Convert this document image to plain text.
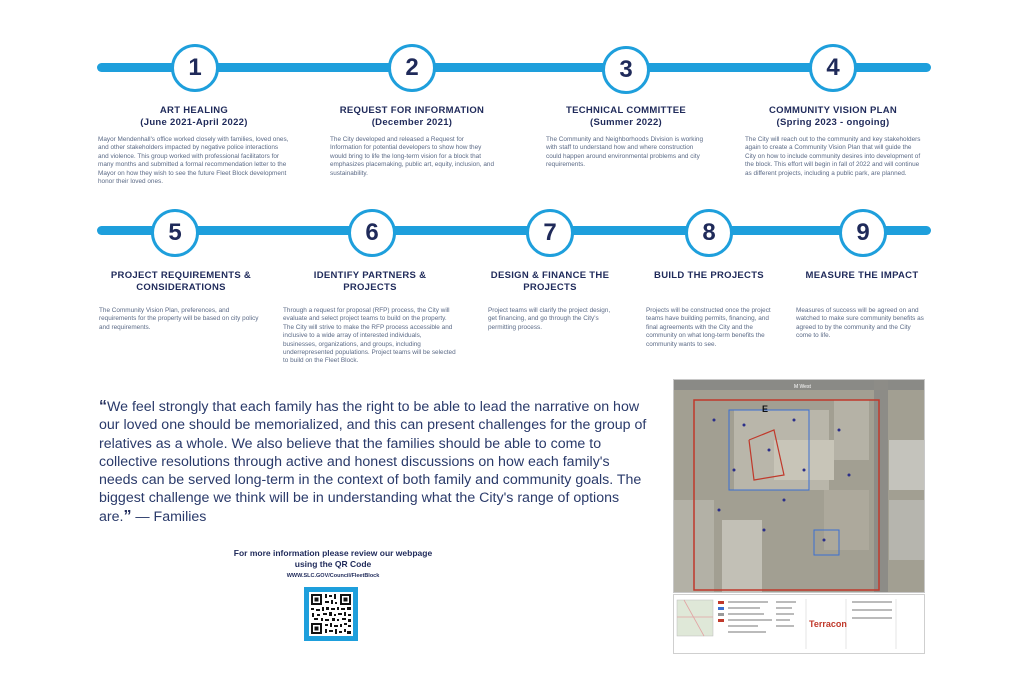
1	2	3	4
5	6	7	8	9
ART HEALING
(June 2021-April 2022)
Mayor Mendenhall's office worked closely with families, loved ones, and other stakeholders impacted by negative police interactions and violence. This group worked with professional facilitators for many months and submitted a formal recommendation letter to the Mayor on how they wish to see the future Fleet Block development honor their loved ones.
REQUEST FOR INFORMATION
(December 2021)
The City developed and released a Request for Information for potential developers to show how they would bring to life the long-term vision for a block that emphasizes placemaking, public art, equity, inclusion, and sustainability.
TECHNICAL COMMITTEE
(Summer 2022)
The Community and Neighborhoods Division is working with staff to understand how and where construction could happen around environmental problems and city requirements.
COMMUNITY VISION PLAN
(Spring 2023 - ongoing)
The City will reach out to the community and key stakeholders again to create a Community Vision Plan that will guide the City on how to include community desires into development of the block. This effort will begin in fall of 2022 and will continue as different projects, including a public park, are planned.
PROJECT REQUIREMENTS & CONSIDERATIONS
The Community Vision Plan, preferences, and requirements for the property will be based on city policy and requirements.
IDENTIFY PARTNERS & PROJECTS
Through a request for proposal (RFP) process, the City will evaluate and select project teams to build on the property. The City will strive to make the RFP process accessible and inclusive to a wide array of interested individuals, businesses, organizations, and groups, including underrepresented populations. Project teams will be selected to build on the Fleet Block.
DESIGN & FINANCE THE PROJECTS
Project teams will clarify the project design, get financing, and go through the City's permitting process.
BUILD THE PROJECTS
Projects will be constructed once the project teams have building permits, financing, and final agreements with the City and the community on what long-term benefits the community wants to see.
MEASURE THE IMPACT
Measures of success will be agreed on and watched to make sure community benefits as agreed to by the community and the City come to life.
“We feel strongly that each family has the right to be able to lead the narrative on how our loved one should be memorialized, and this can present challenges for the group of relatives as a whole. We also believe that the families should be able to come to collective resolutions through active and honest discussions on how each family's needs can be served long-term in the context of both family and community goals. The biggest challenge we think will be in understanding what the City's range of options are.” — Families
For more information please review our webpage using the QR Code
WWW.SLC.GOV/Council/FleetBlock
M West
E
Terracon
